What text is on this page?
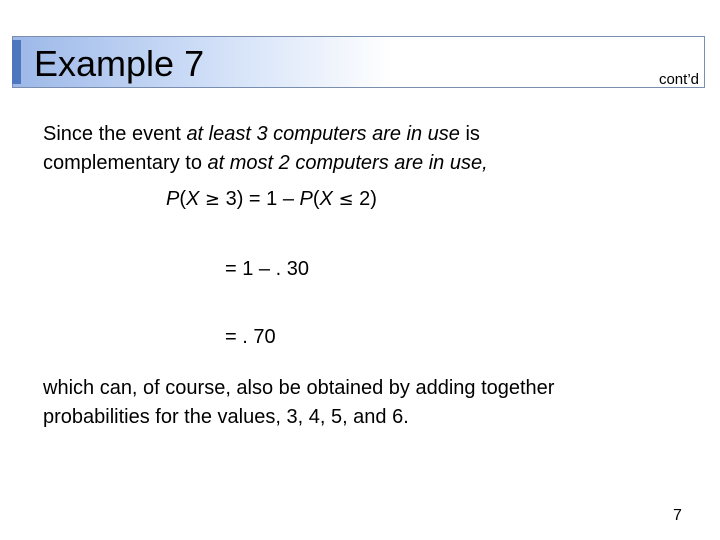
Example 7	cont’d
Since the event at least 3 computers are in use is
complementary to at most 2 computers are in use,
P(X ≥ 3) = 1 – P(X ≤ 2)
= 1 – . 30
= . 70
which can, of course, also be obtained by adding together
probabilities for the values, 3, 4, 5, and 6.
7
